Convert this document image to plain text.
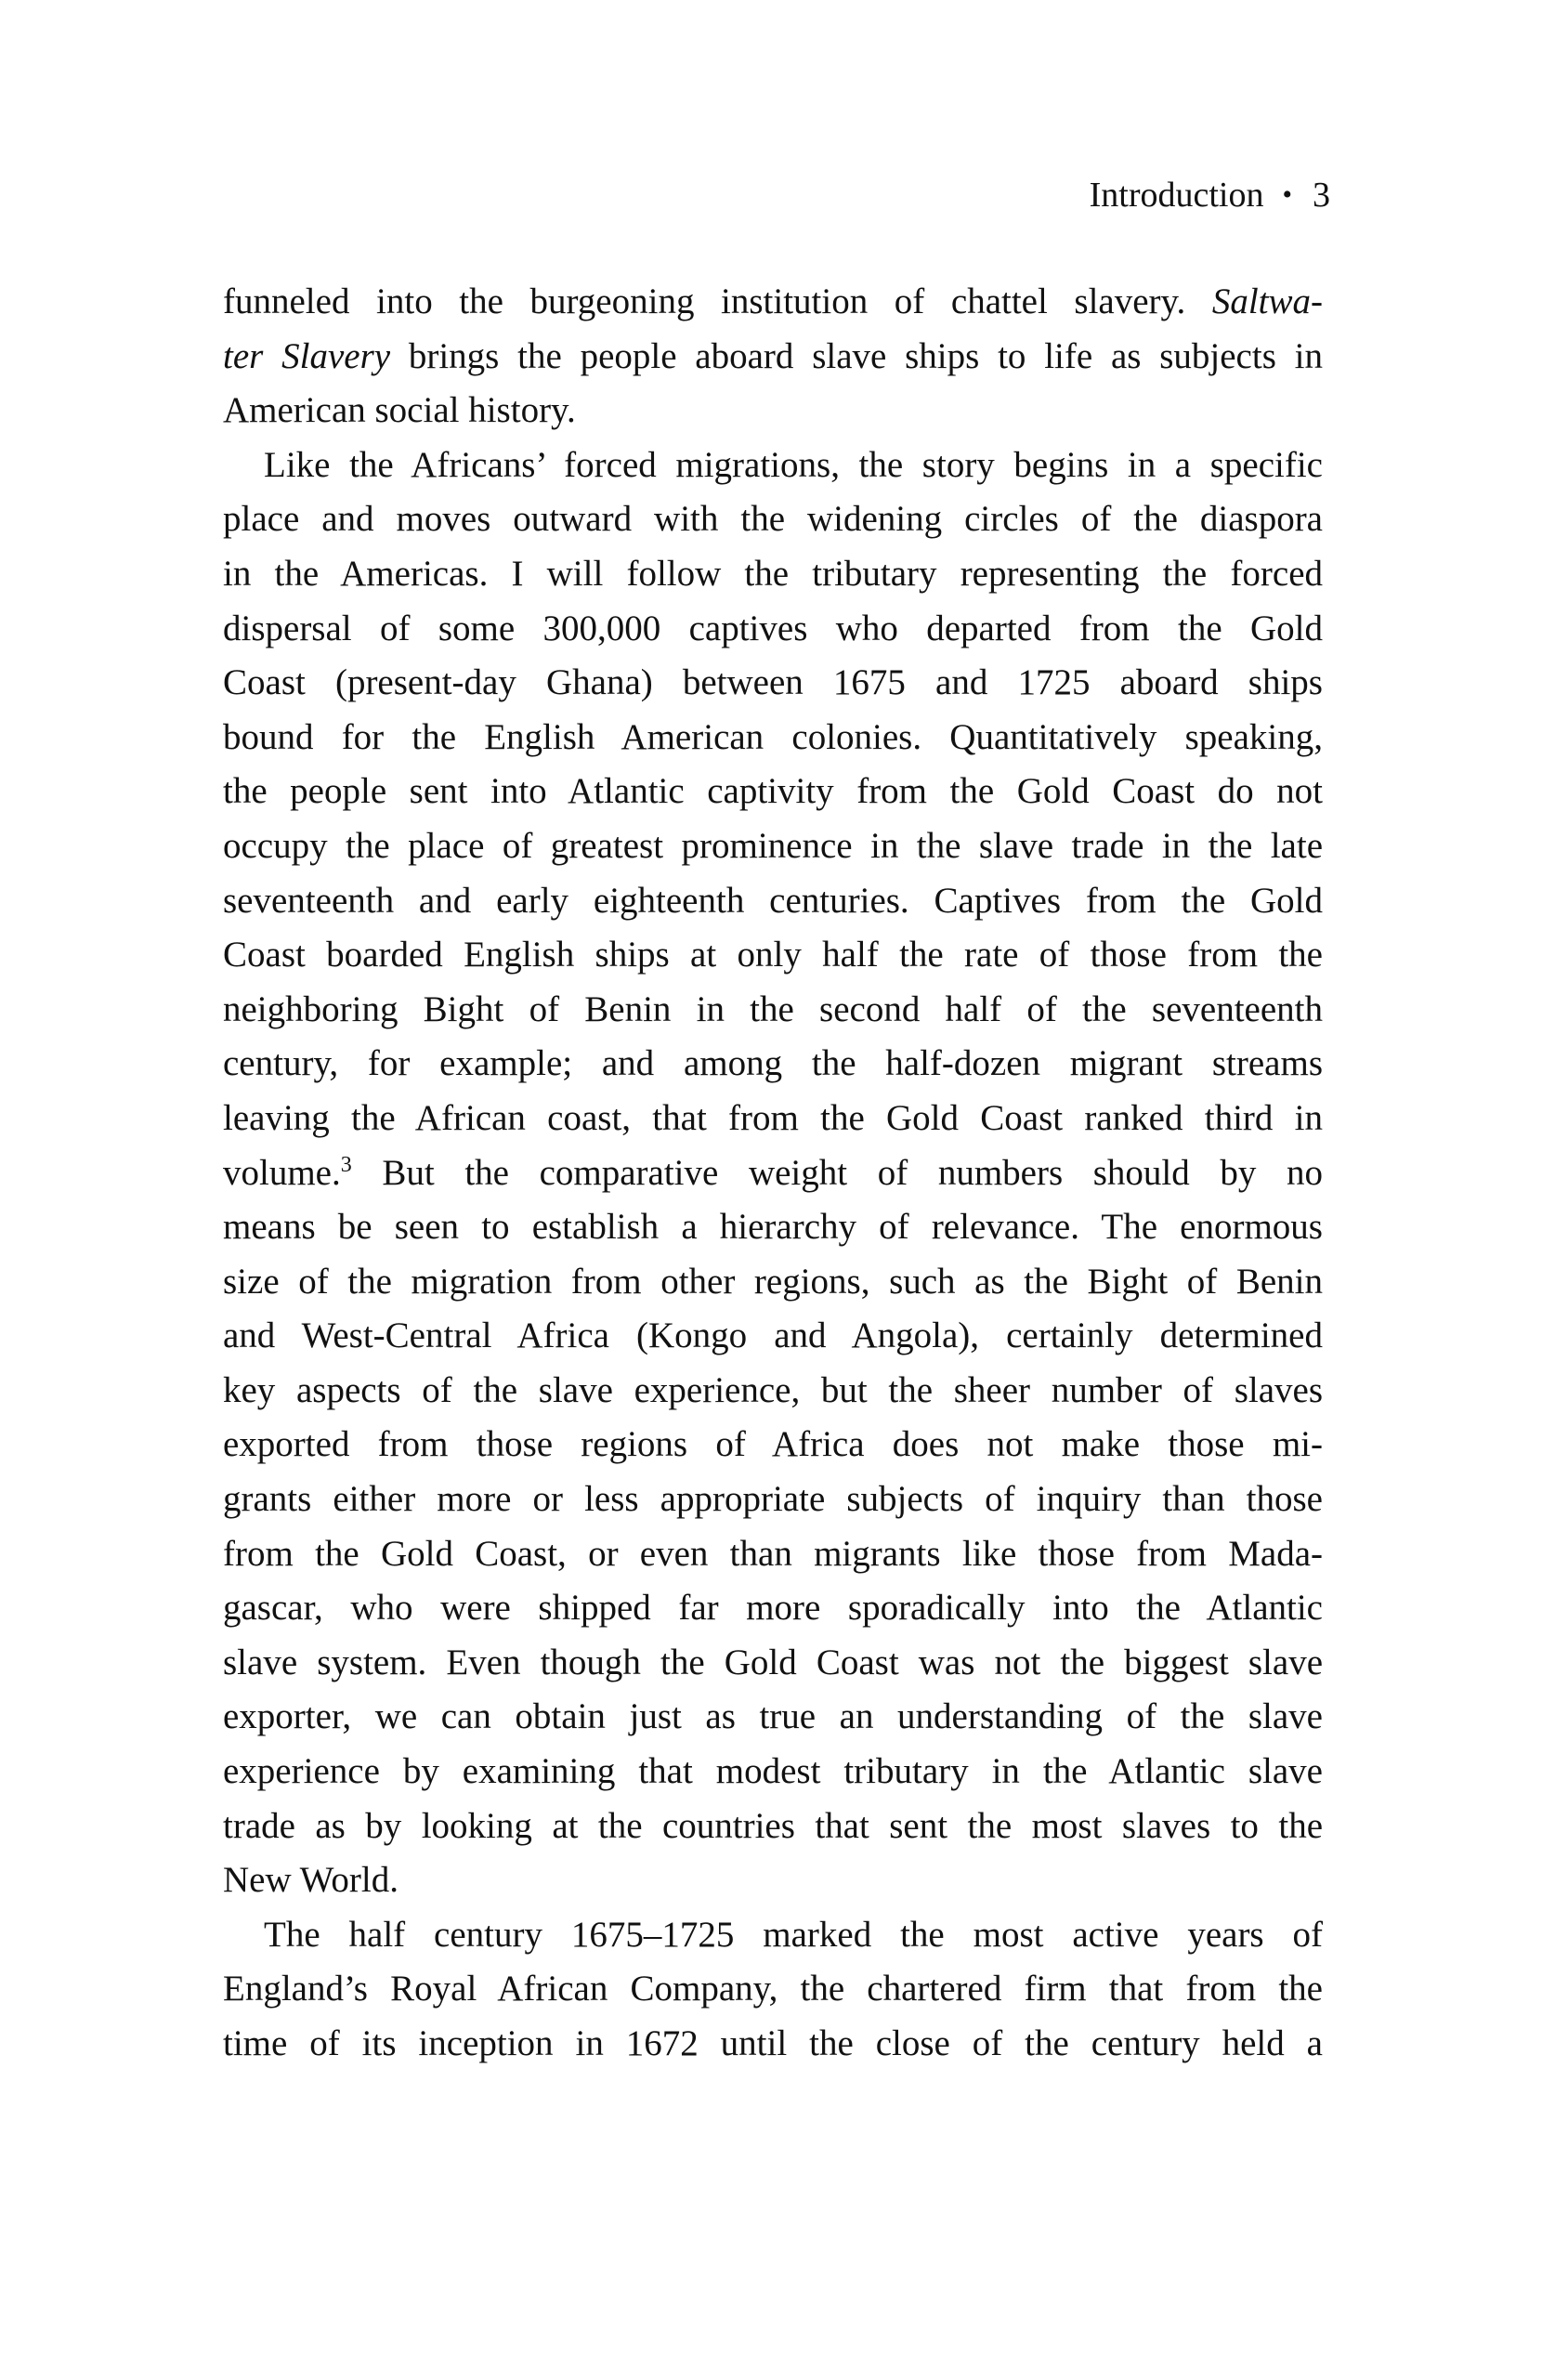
Introduction • 3
funneled into the burgeoning institution of chattel slavery. Saltwa-
ter Slavery brings the people aboard slave ships to life as subjects in
American social history.
Like the Africans’ forced migrations, the story begins in a specific
place and moves outward with the widening circles of the diaspora
in the Americas. I will follow the tributary representing the forced
dispersal of some 300,000 captives who departed from the Gold
Coast (present-day Ghana) between 1675 and 1725 aboard ships
bound for the English American colonies. Quantitatively speaking,
the people sent into Atlantic captivity from the Gold Coast do not
occupy the place of greatest prominence in the slave trade in the late
seventeenth and early eighteenth centuries. Captives from the Gold
Coast boarded English ships at only half the rate of those from the
neighboring Bight of Benin in the second half of the seventeenth
century, for example; and among the half-dozen migrant streams
leaving the African coast, that from the Gold Coast ranked third in
volume.$^3$ But the comparative weight of numbers should by no
means be seen to establish a hierarchy of relevance. The enormous
size of the migration from other regions, such as the Bight of Benin
and West-Central Africa (Kongo and Angola), certainly determined
key aspects of the slave experience, but the sheer number of slaves
exported from those regions of Africa does not make those mi-
grants either more or less appropriate subjects of inquiry than those
from the Gold Coast, or even than migrants like those from Mada-
gascar, who were shipped far more sporadically into the Atlantic
slave system. Even though the Gold Coast was not the biggest slave
exporter, we can obtain just as true an understanding of the slave
experience by examining that modest tributary in the Atlantic slave
trade as by looking at the countries that sent the most slaves to the
New World.
The half century 1675–1725 marked the most active years of
England’s Royal African Company, the chartered firm that from the
time of its inception in 1672 until the close of the century held a
